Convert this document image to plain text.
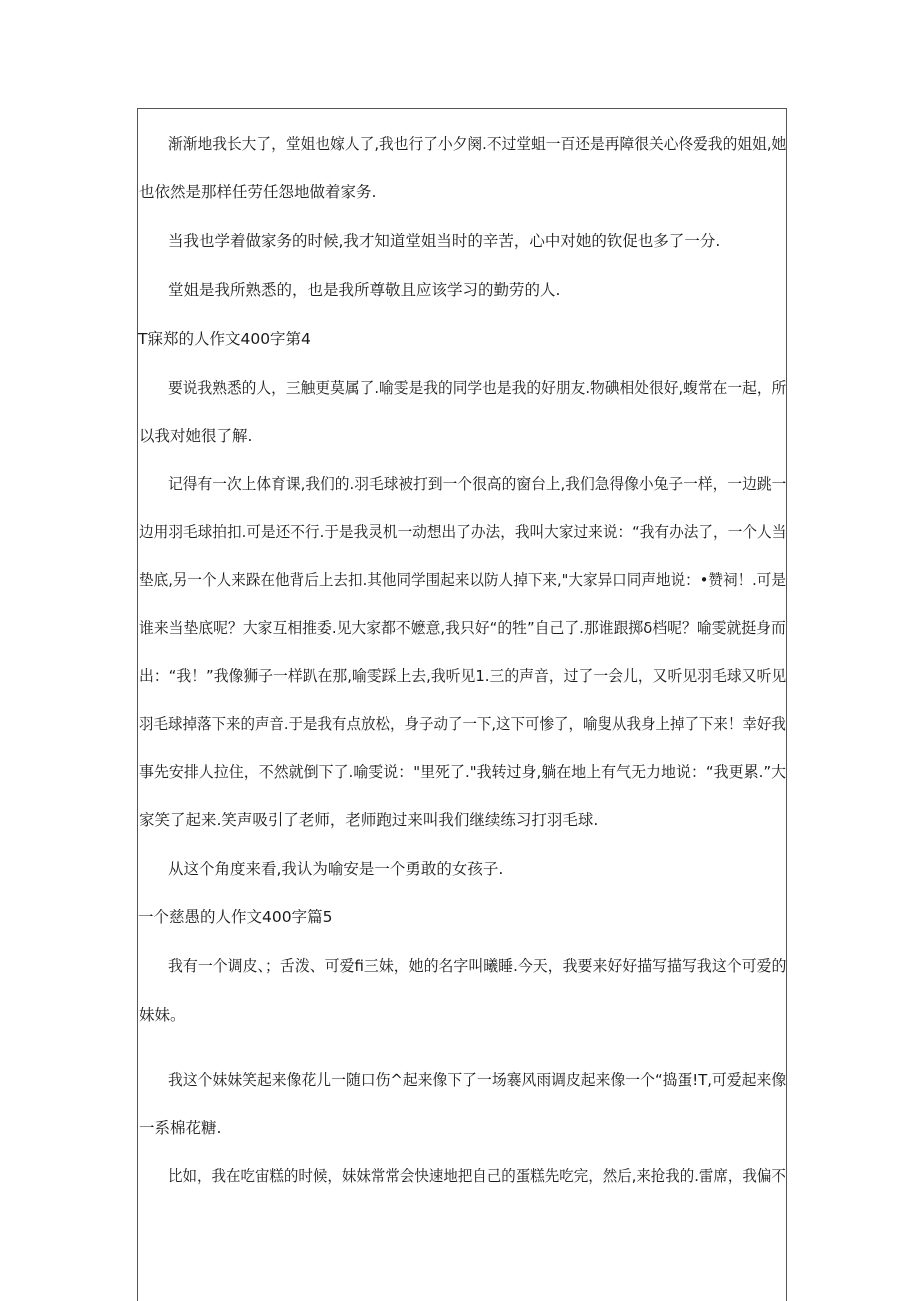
渐渐地我长大了，堂姐也嫁人了,我也行了小夕阕.不过堂蛆一百还是再障很关心佟爱我的姐姐,她
也依然是那样任劳任怨地做着家务.
当我也学着做家务的时候,我才知道堂姐当时的辛苦，心中对她的钦促也多了一分.
堂姐是我所熟悉的，也是我所尊敬且应该学习的勤劳的人.
T寐郑的人作文400字第4
要说我熟悉的人，三触更莫属了.喻雯是我的同学也是我的好朋友.物碘相处很好,蝮常在一起，所
以我对她很了解.
记得有一次上体育课,我们的.羽毛球被打到一个很高的窗台上,我们急得像小兔子一样，一边跳一
边用羽毛球拍扣.可是还不行.于是我灵机一动想出了办法，我叫大家过来说：“我有办法了，一个人当
垫底,另一个人来跺在他背后上去扣.其他同学围起来以防人掉下来,"大家异口同声地说：•赞祠！.可是
谁来当垫底呢？大家互相推委.见大家都不嬷意,我只好“的牲”自己了.那谁跟掷δ档呢？喻雯就挺身而
出：“我！”我像狮子一样趴在那,喻雯踩上去,我听见1.三的声音，过了一会儿，又听见羽毛球又听见
羽毛球掉落下来的声音.于是我有点放松，身子动了一下,这下可惨了，喻叟从我身上掉了下来！幸好我
事先安排人拉住，不然就倒下了.喻雯说："里死了."我转过身,躺在地上有气无力地说：“我更累.”大
家笑了起来.笑声吸引了老师，老师跑过来叫我们继续练习打羽毛球.
从这个角度来看,我认为喻安是一个勇敢的女孩子.
一个慈愚的人作文400字篇5
我有一个调皮、；舌泼、可爱fi三妹，她的名字叫曦睡.今天，我要来好好描写描写我这个可爱的
妹妹。
我这个妹妹笑起来像花儿一随口伤^起来像下了一场褰风雨调皮起来像一个“捣蛋!T,可爱起来像
一系棉花糖.
比如，我在吃宙糕的时候，妹妹常常会快速地把自己的蛋糕先吃完，然后,来抢我的.雷席，我偏不
